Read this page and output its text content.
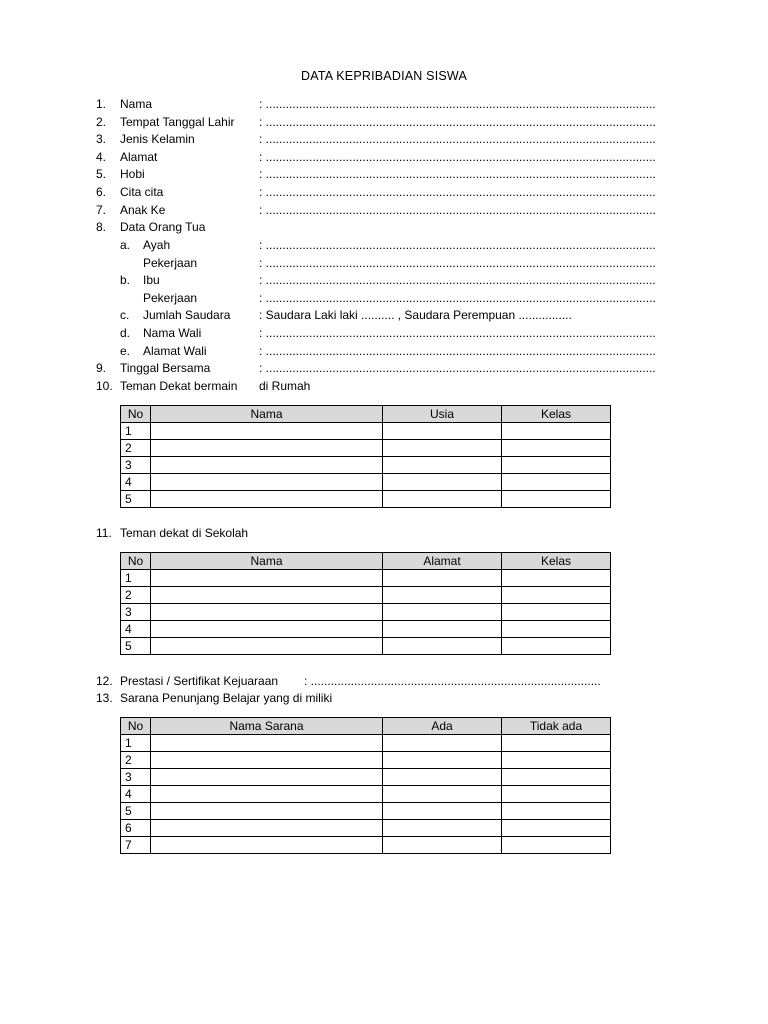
DATA KEPRIBADIAN SISWA
1. Nama	: .....................................................................................................................
2. Tempat Tanggal Lahir : .....................................................................................................................
3. Jenis Kelamin	: .....................................................................................................................
4. Alamat	: .....................................................................................................................
5. Hobi	: .....................................................................................................................
6. Cita cita	: .....................................................................................................................
7. Anak Ke	: .....................................................................................................................
8. Data Orang Tua
a. Ayah	: .....................................................................................................................
Pekerjaan	: .....................................................................................................................
b. Ibu	: .....................................................................................................................
Pekerjaan	: .....................................................................................................................
c. Jumlah Saudara : Saudara Laki laki .......... , Saudara Perempuan ................
d. Nama Wali	: .....................................................................................................................
e. Alamat Wali	: .....................................................................................................................
9. Tinggal Bersama	: .....................................................................................................................
10. Teman Dekat bermain di Rumah
No	Nama	Usia	Kelas
1			
2			
3			
4			
5			
11. Teman dekat di Sekolah
No	Nama	Alamat	Kelas
1			
2			
3			
4			
5			
12. Prestasi / Sertifikat Kejuaraan : .......................................................................................
13. Sarana Penunjang Belajar yang di miliki
No	Nama Sarana	Ada	Tidak ada
1			
2			
3			
4			
5			
6			
7			
